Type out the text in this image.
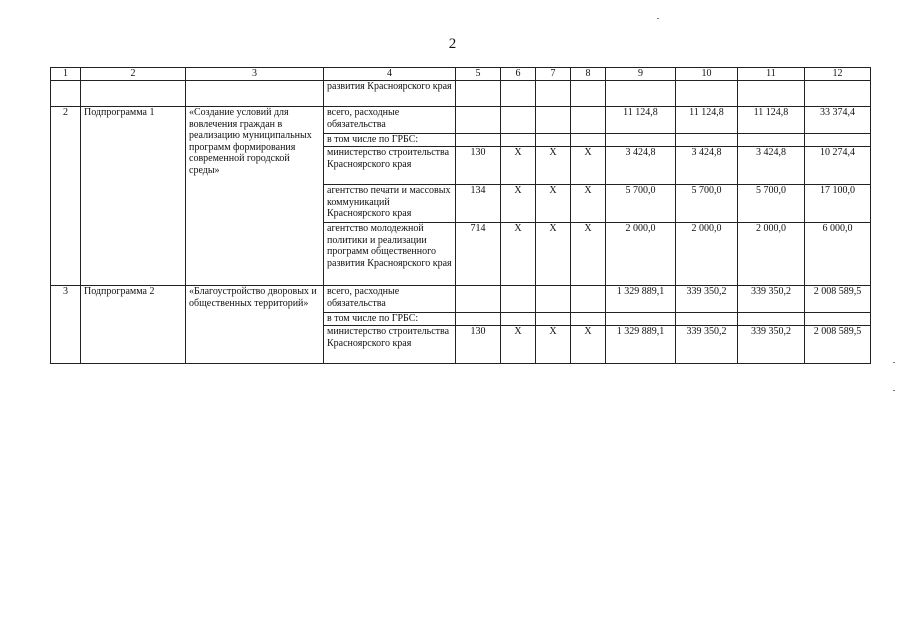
2
1	2	3	4	5	6	7	8	9	10	11	12
			развития Красноярского края								
2	Подпрограмма 1	«Создание условий для вовлечения граждан в реализацию муниципальных программ формирования современной городской среды»	всего, расходные обязательства					11 124,8	11 124,8	11 124,8	33 374,4
			в том числе по ГРБС:								
			министерство строительства Красноярского края	130	Х	Х	Х	3 424,8	3 424,8	3 424,8	10 274,4
			агентство печати и массовых коммуникаций Красноярского края	134	Х	Х	Х	5 700,0	5 700,0	5 700,0	17 100,0
			агентство молодежной политики и реализации программ общественного развития Красноярского края	714	Х	Х	Х	2 000,0	2 000,0	2 000,0	6 000,0
3	Подпрограмма 2	«Благоустройство дворовых и общественных территорий»	всего, расходные обязательства					1 329 889,1	339 350,2	339 350,2	2 008 589,5
			в том числе по ГРБС:								
			министерство строительства Красноярского края	130	Х	Х	Х	1 329 889,1	339 350,2	339 350,2	2 008 589,5
